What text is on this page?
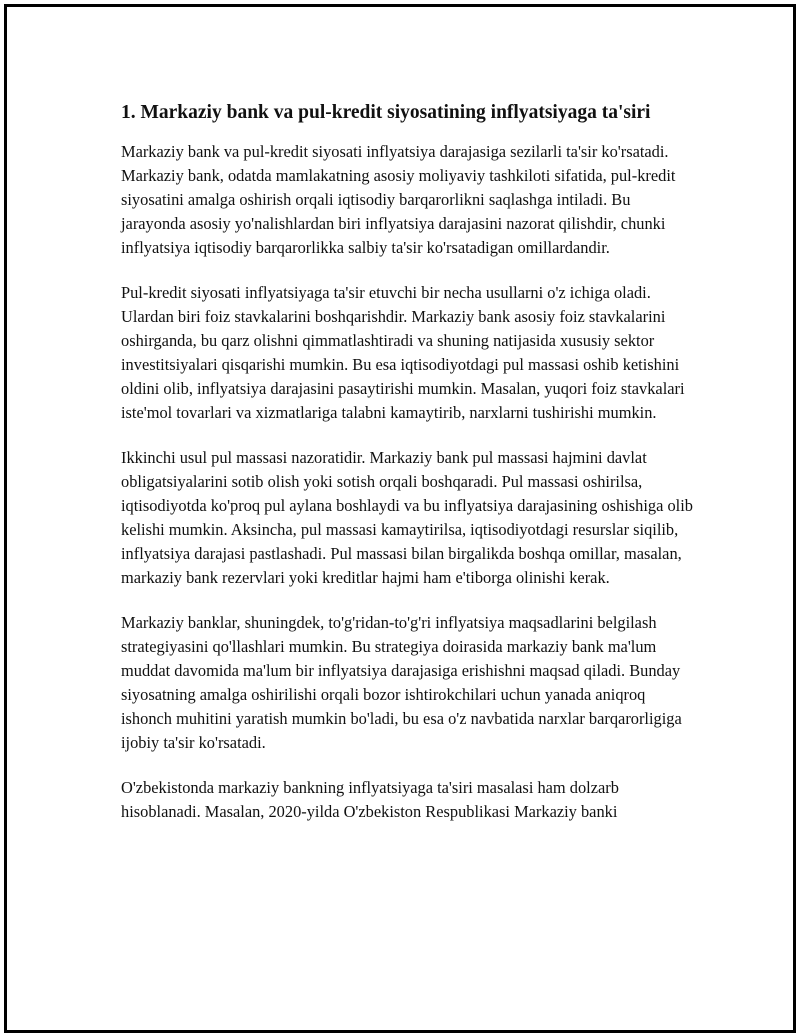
1. Markaziy bank va pul-kredit siyosatining inflyatsiyaga ta'siri

Markaziy bank va pul-kredit siyosati inflyatsiya darajasiga sezilarli ta'sir ko'rsatadi. Markaziy bank, odatda mamlakatning asosiy moliyaviy tashkiloti sifatida, pul-kredit siyosatini amalga oshirish orqali iqtisodiy barqarorlikni saqlashga intiladi. Bu jarayonda asosiy yo'nalishlardan biri inflyatsiya darajasini nazorat qilishdir, chunki inflyatsiya iqtisodiy barqarorlikka salbiy ta'sir ko'rsatadigan omillardandir.

Pul-kredit siyosati inflyatsiyaga ta'sir etuvchi bir necha usullarni o'z ichiga oladi. Ulardan biri foiz stavkalarini boshqarishdir. Markaziy bank asosiy foiz stavkalarini oshirganda, bu qarz olishni qimmatlashtiradi va shuning natijasida xususiy sektor investitsiyalari qisqarishi mumkin. Bu esa iqtisodiyotdagi pul massasi oshib ketishini oldini olib, inflyatsiya darajasini pasaytirishi mumkin. Masalan, yuqori foiz stavkalari iste'mol tovarlari va xizmatlariga talabni kamaytirib, narxlarni tushirishi mumkin.

Ikkinchi usul pul massasi nazoratidir. Markaziy bank pul massasi hajmini davlat obligatsiyalarini sotib olish yoki sotish orqali boshqaradi. Pul massasi oshirilsa, iqtisodiyotda ko'proq pul aylana boshlaydi va bu inflyatsiya darajasining oshishiga olib kelishi mumkin. Aksincha, pul massasi kamaytirilsa, iqtisodiyotdagi resurslar siqilib, inflyatsiya darajasi pastlashadi. Pul massasi bilan birgalikda boshqa omillar, masalan, markaziy bank rezervlari yoki kreditlar hajmi ham e'tiborga olinishi kerak.

Markaziy banklar, shuningdek, to'g'ridan-to'g'ri inflyatsiya maqsadlarini belgilash strategiyasini qo'llashlari mumkin. Bu strategiya doirasida markaziy bank ma'lum muddat davomida ma'lum bir inflyatsiya darajasiga erishishni maqsad qiladi. Bunday siyosatning amalga oshirilishi orqali bozor ishtirokchilari uchun yanada aniqroq ishonch muhitini yaratish mumkin bo'ladi, bu esa o'z navbatida narxlar barqarorligiga ijobiy ta'sir ko'rsatadi.

O'zbekistonda markaziy bankning inflyatsiyaga ta'siri masalasi ham dolzarb hisoblanadi. Masalan, 2020-yilda O'zbekiston Respublikasi Markaziy banki
